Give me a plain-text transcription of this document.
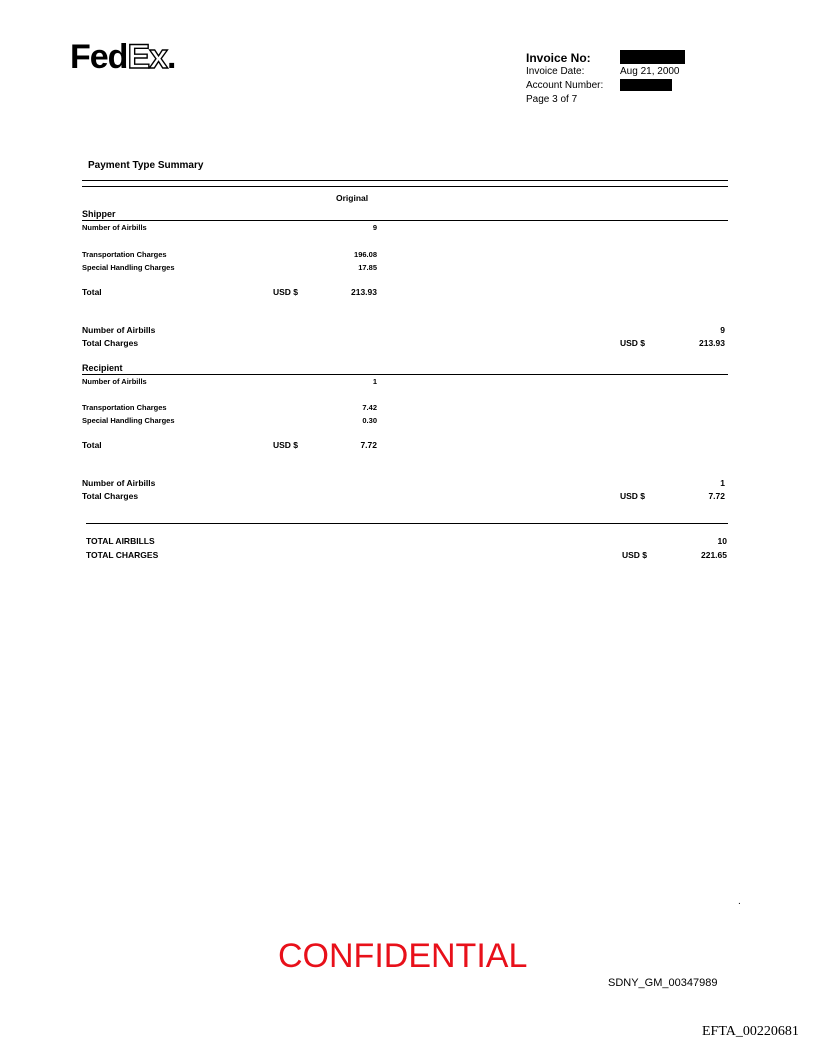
FedEx.	Invoice No:
Invoice Date:	Aug 21, 2000
Account Number:
Page 3 of 7
Payment Type Summary
Original
Shipper
Number of Airbills	9
Transportation Charges	196.08
Special Handling Charges	17.85
Total	USD $	213.93
Number of Airbills	9
Total Charges	USD $	213.93
Recipient
Number of Airbills	1
Transportation Charges	7.42
Special Handling Charges	0.30
Total	USD $	7.72
Number of Airbills	1
Total Charges	USD $	7.72
TOTAL AIRBILLS	10
TOTAL CHARGES	USD $	221.65
.
CONFIDENTIAL
SDNY_GM_00347989
EFTA_00220681
